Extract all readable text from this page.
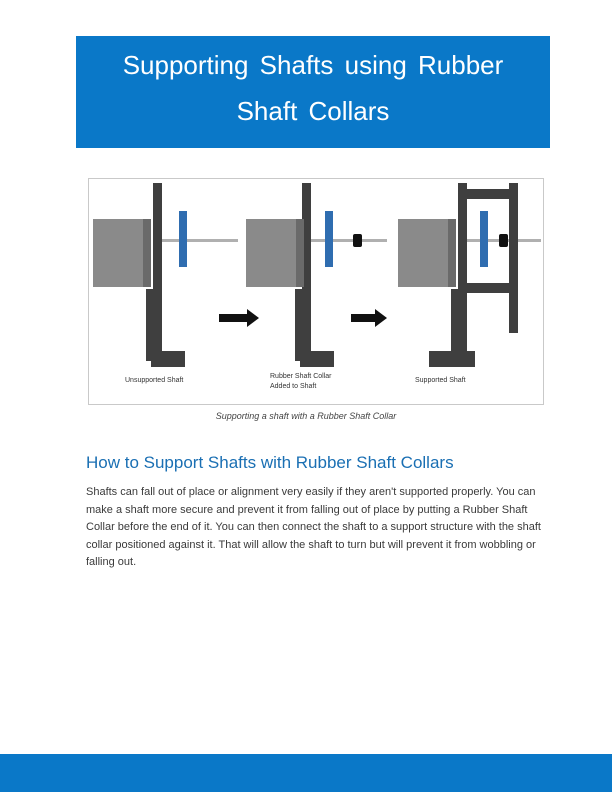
Supporting Shafts using Rubber
Shaft Collars
Unsupported Shaft
Rubber Shaft Collar
Added to Shaft
Supported Shaft
Supporting a shaft with a Rubber Shaft Collar
How to Support Shafts with Rubber Shaft Collars
Shafts can fall out of place or alignment very easily if they aren't supported properly. You can make a shaft more secure and prevent it from falling out of place by putting a Rubber Shaft Collar before the end of it. You can then connect the shaft to a support structure with the shaft collar positioned against it. That will allow the shaft to turn but will prevent it from wobbling or falling out.
